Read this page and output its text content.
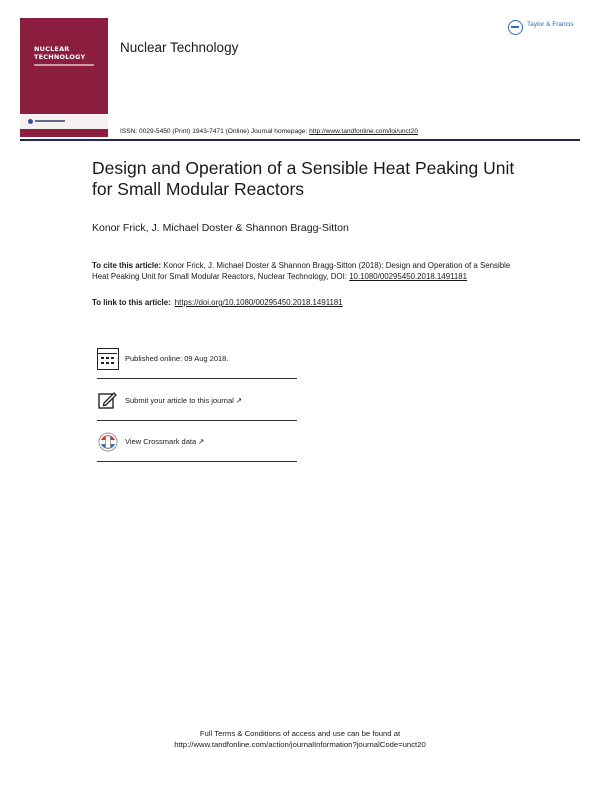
NUCLEAR
TECHNOLOGY
Nuclear Technology
Taylor & Francis

ISSN: 0029-5450 (Print) 1943-7471 (Online) Journal homepage: http://www.tandfonline.com/loi/unct20
Design and Operation of a Sensible Heat Peaking Unit for Small Modular Reactors
Konor Frick, J. Michael Doster & Shannon Bragg-Sitton
To cite this article: Konor Frick, J. Michael Doster & Shannon Bragg-Sitton (2018): Design and Operation of a Sensible Heat Peaking Unit for Small Modular Reactors, Nuclear Technology, DOI: 10.1080/00295450.2018.1491181
To link to this article: https://doi.org/10.1080/00295450.2018.1491181
Published online: 09 Aug 2018.
Submit your article to this journal ↗
View Crossmark data ↗
Full Terms & Conditions of access and use can be found at
http://www.tandfonline.com/action/journalInformation?journalCode=unct20
